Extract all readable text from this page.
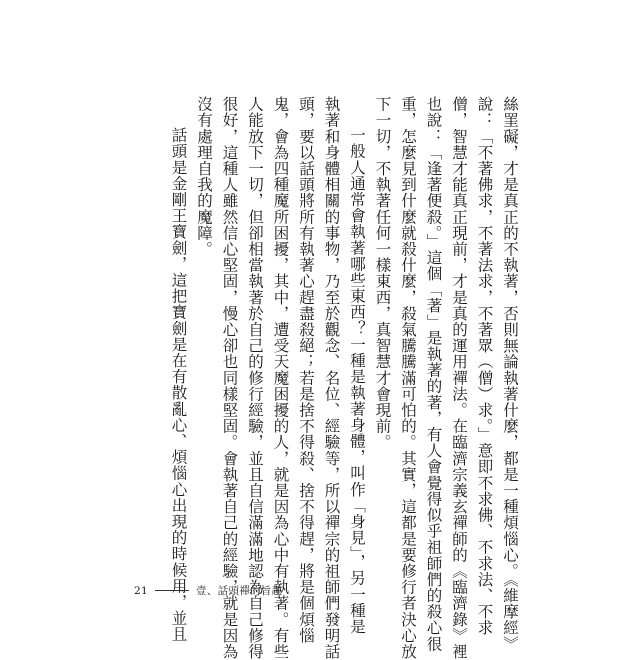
絲罣礙，才是真正的不執著，否則無論執著什麼，都是一種煩惱心。《維摩經》
說：「不著佛求，不著法求，不著眾（僧）求。」意即不求佛、不求法、不求
僧，智慧才能真正現前，才是真的運用禪法。在臨濟宗義玄禪師的《臨濟錄》裡
也說：「逢著便殺。」這個「著」是執著的著，有人會覺得似乎祖師們的殺心很
重，怎麼見到什麼就殺什麼，殺氣騰騰滿可怕的。其實，這都是要修行者決心放
下一切，不執著任何一樣東西，真智慧才會現前。
一般人通常會執著哪些東西？一種是執著身體，叫作「身見」，另一種是
執著和身體相關的事物，乃至於觀念、名位、經驗等，所以禪宗的祖師們發明話
頭，要以話頭將所有執著心趕盡殺絕；若是捨不得殺、捨不得趕，將是個煩惱
鬼，會為四種魔所困擾，其中，遭受天魔困擾的人，就是因為心中有執著。有些
人能放下一切，但卻相當執著於自己的修行經驗，並且自信滿滿地認為自己修得
很好，這種人雖然信心堅固，慢心卻也同樣堅固。會執著自己的經驗，就是因為
沒有處理自我的魔障。
話頭是金剛王寶劍，這把寶劍是在有散亂心、煩惱心出現的時候用，並且
21	壹、話頭禪的旨趣
